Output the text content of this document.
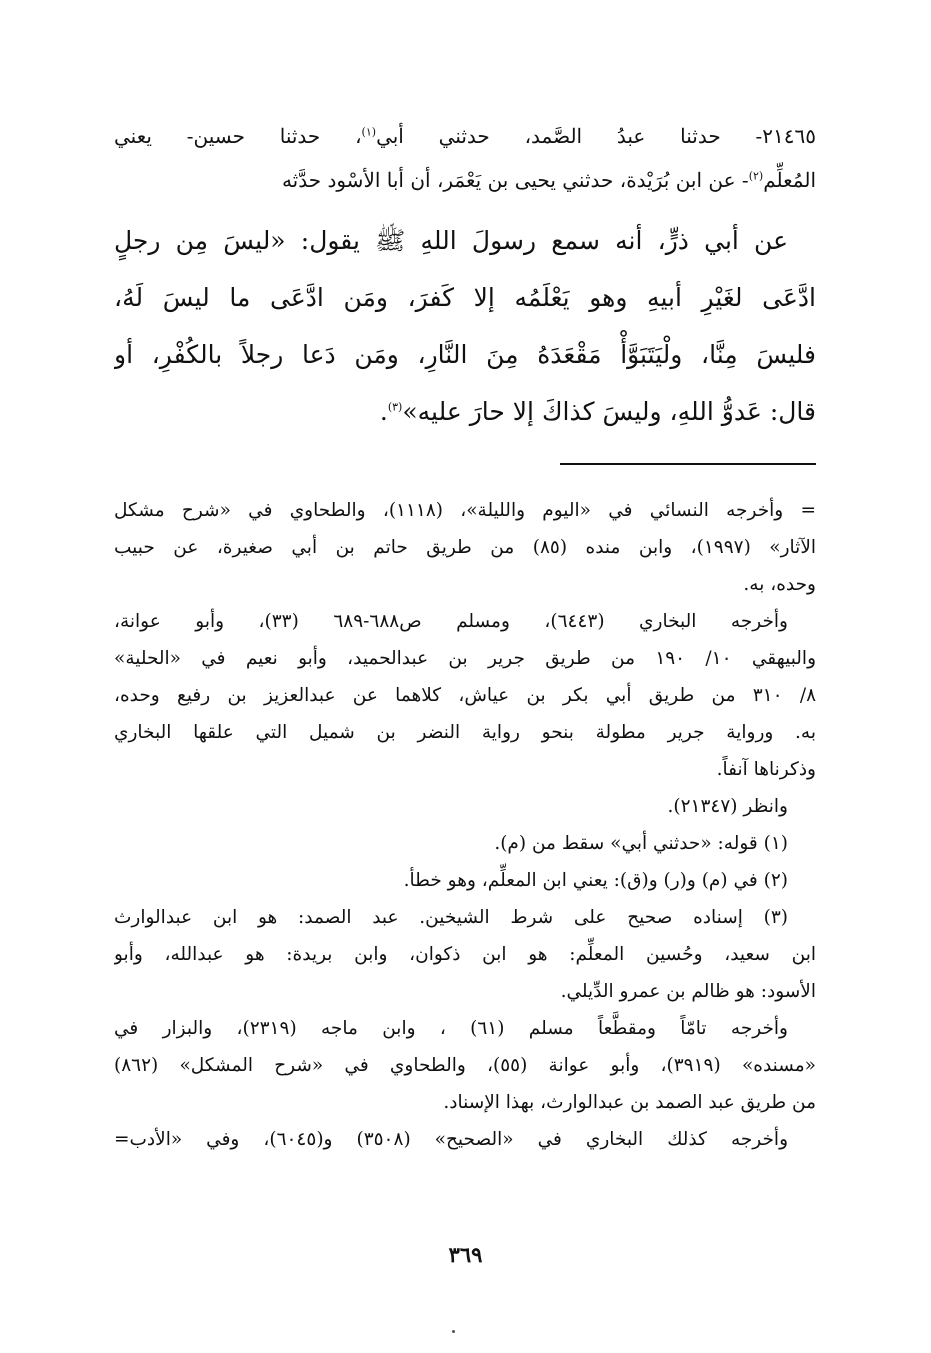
٢١٤٦٥- حدثنا عبدُ الصَّمد، حدثني أبي$^{(١)}$، حدثنا حسين- يعني
المُعلِّم$^{(٢)}$- عن ابن بُرَيْدة، حدثني يحيى بن يَعْمَر، أن أبا الأسْود حدَّثه
عن أبي ذرٍّ، أنه سمع رسولَ اللهِ ﷺ يقول: «ليسَ مِن رجلٍ
ادَّعَى لغَيْرِ أبيهِ وهو يَعْلَمُه إلا كَفرَ، ومَن ادَّعَى ما ليسَ لَهُ،
فليسَ مِنَّا، ولْيَتَبَوَّأْ مَقْعَدَهُ مِنَ النَّارِ، ومَن دَعا رجلاً بالكُفْرِ، أو
قال: عَدوُّ اللهِ، وليسَ كذاكَ إلا حارَ عليه»$^{(٣)}$.
= وأخرجه النسائي في «اليوم والليلة»، (١١١٨)، والطحاوي في «شرح مشكل
الآثار» (١٩٩٧)، وابن منده (٨٥) من طريق حاتم بن أبي صغيرة، عن حبيب
وحده، به.
وأخرجه البخاري (٦٤٤٣)، ومسلم ص٦٨٨-٦٨٩ (٣٣)، وأبو عوانة،
والبيهقي ١٠/ ١٩٠ من طريق جرير بن عبدالحميد، وأبو نعيم في «الحلية»
٨/ ٣١٠ من طريق أبي بكر بن عياش، كلاهما عن عبدالعزيز بن رفيع وحده،
به. ورواية جرير مطولة بنحو رواية النضر بن شميل التي علقها البخاري
وذكرناها آنفاً.
وانظر (٢١٣٤٧).
(١) قوله: «حدثني أبي» سقط من (م).
(٢) في (م) و(ر) و(ق): يعني ابن المعلِّم، وهو خطأ.
(٣) إسناده صحيح على شرط الشيخين. عبد الصمد: هو ابن عبدالوارث
ابن سعيد، وحُسين المعلِّم: هو ابن ذكوان، وابن بريدة: هو عبدالله، وأبو
الأسود: هو ظالم بن عمرو الدِّيلي.
وأخرجه تامّاً ومقطَّعاً مسلم (٦١) ، وابن ماجه (٢٣١٩)، والبزار في
«مسنده» (٣٩١٩)، وأبو عوانة (٥٥)، والطحاوي في «شرح المشكل» (٨٦٢)
من طريق عبد الصمد بن عبدالوارث، بهذا الإسناد.
وأخرجه كذلك البخاري في «الصحيح» (٣٥٠٨) و(٦٠٤٥)، وفي «الأدب=
٣٦٩
